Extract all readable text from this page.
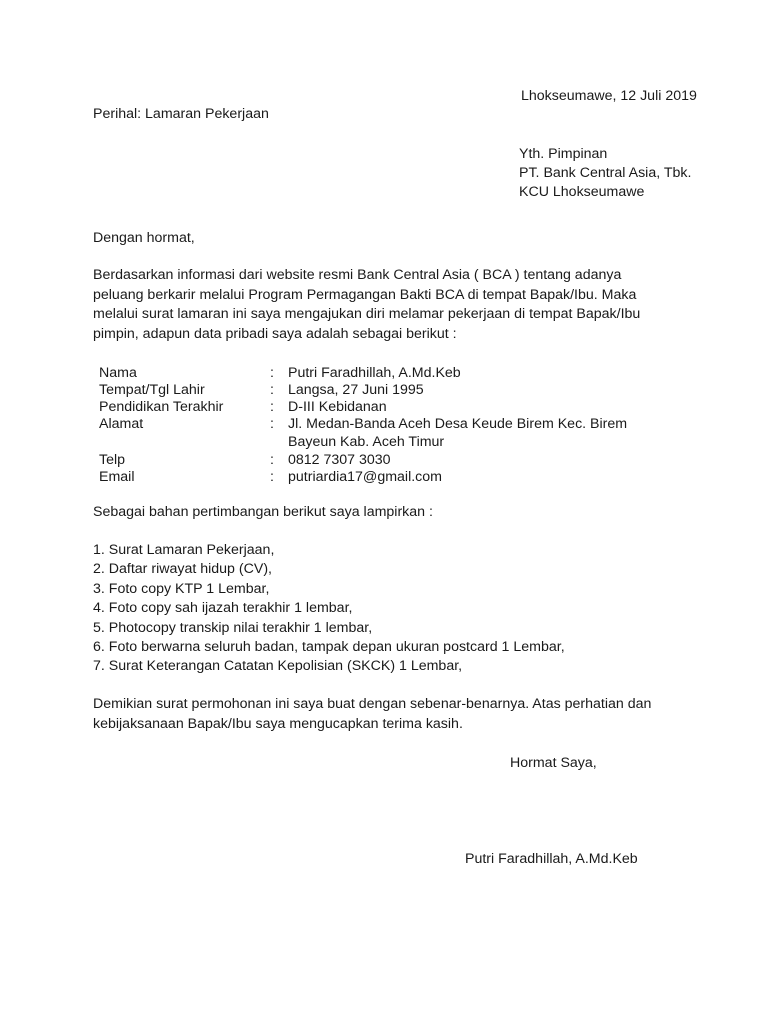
Lhokseumawe, 12 Juli 2019
Perihal: Lamaran Pekerjaan
Yth. Pimpinan
PT. Bank Central Asia, Tbk.
KCU Lhokseumawe
Dengan hormat,
Berdasarkan informasi dari website resmi Bank Central Asia ( BCA ) tentang adanya
peluang berkarir melalui Program Permagangan Bakti BCA di tempat Bapak/Ibu. Maka
melalui surat lamaran ini saya mengajukan diri melamar pekerjaan di tempat Bapak/Ibu
pimpin, adapun data pribadi saya adalah sebagai berikut :
Nama	: Putri Faradhillah, A.Md.Keb
Tempat/Tgl Lahir	: Langsa, 27 Juni 1995
Pendidikan Terakhir	: D-III Kebidanan
Alamat	: Jl. Medan-Banda Aceh Desa Keude Birem Kec. Birem
Bayeun Kab. Aceh Timur
Telp	: 0812 7307 3030
Email	: putriardia17@gmail.com
Sebagai bahan pertimbangan berikut saya lampirkan :
1. Surat Lamaran Pekerjaan,
2. Daftar riwayat hidup (CV),
3. Foto copy KTP 1 Lembar,
4. Foto copy sah ijazah terakhir 1 lembar,
5. Photocopy transkip nilai terakhir 1 lembar,
6. Foto berwarna seluruh badan, tampak depan ukuran postcard 1 Lembar,
7. Surat Keterangan Catatan Kepolisian (SKCK) 1 Lembar,
Demikian surat permohonan ini saya buat dengan sebenar-benarnya. Atas perhatian dan
kebijaksanaan Bapak/Ibu saya mengucapkan terima kasih.
Hormat Saya,
Putri Faradhillah, A.Md.Keb
